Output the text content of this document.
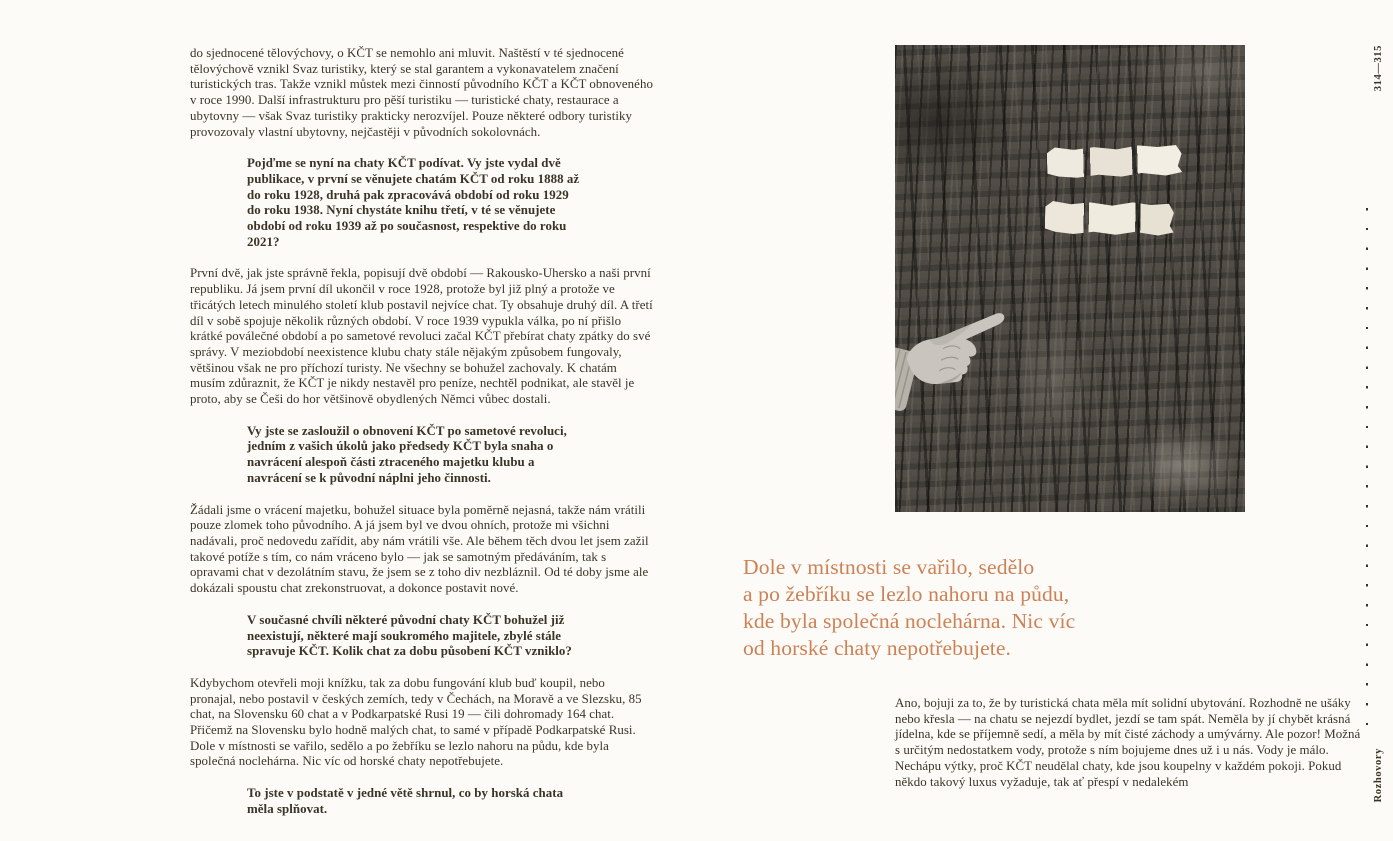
do sjednocené tělovýchovy, o KČT se nemohlo ani mluvit. Naštěstí v té sjednocené tělovýchově vznikl Svaz turistiky, který se stal garantem a vykonavatelem značení turistických tras. Takže vznikl můstek mezi činností původního KČT a KČT obnoveného v roce 1990. Další infrastrukturu pro pěší turistiku — turistické chaty, restaurace a ubytovny — však Svaz turistiky prakticky nerozvíjel. Pouze některé odbory turistiky provozovaly vlastní ubytovny, nejčastěji v původních sokolovnách.

Pojďme se nyní na chaty KČT podívat. Vy jste vydal dvě publikace, v první se věnujete chatám KČT od roku 1888 až do roku 1928, druhá pak zpracovává období od roku 1929 do roku 1938. Nyní chystáte knihu třetí, v té se věnujete období od roku 1939 až po současnost, respektive do roku 2021?

První dvě, jak jste správně řekla, popisují dvě období — Rakousko-Uhersko a naši první republiku. Já jsem první díl ukončil v roce 1928, protože byl již plný a protože ve třicátých letech minulého století klub postavil nejvíce chat. Ty obsahuje druhý díl. A třetí díl v sobě spojuje několik různých období. V roce 1939 vypukla válka, po ní přišlo krátké poválečné období a po sametové revoluci začal KČT přebírat chaty zpátky do své správy. V meziobdobí neexistence klubu chaty stále nějakým způsobem fungovaly, většinou však ne pro příchozí turisty. Ne všechny se bohužel zachovaly. K chatám musím zdůraznit, že KČT je nikdy nestavěl pro peníze, nechtěl podnikat, ale stavěl je proto, aby se Češi do hor většinově obydlených Němci vůbec dostali.

Vy jste se zasloužil o obnovení KČT po sametové revoluci, jedním z vašich úkolů jako předsedy KČT byla snaha o navrácení alespoň části ztraceného majetku klubu a navrácení se k původní náplni jeho činnosti.

Žádali jsme o vrácení majetku, bohužel situace byla poměrně nejasná, takže nám vrátili pouze zlomek toho původního. A já jsem byl ve dvou ohních, protože mi všichni nadávali, proč nedovedu zařídit, aby nám vrátili vše. Ale během těch dvou let jsem zažil takové potíže s tím, co nám vráceno bylo — jak se samotným předáváním, tak s opravami chat v dezolátním stavu, že jsem se z toho div nezbláznil. Od té doby jsme ale dokázali spoustu chat zrekonstruovat, a dokonce postavit nové.

V současné chvíli některé původní chaty KČT bohužel již neexistují, některé mají soukromého majitele, zbylé stále spravuje KČT. Kolik chat za dobu působení KČT vzniklo?

Kdybychom otevřeli moji knížku, tak za dobu fungování klub buď koupil, nebo pronajal, nebo postavil v českých zemích, tedy v Čechách, na Moravě a ve Slezsku, 85 chat, na Slovensku 60 chat a v Podkarpatské Rusi 19 — čili dohromady 164 chat. Přičemž na Slovensku bylo hodně malých chat, to samé v případě Podkarpatské Rusi. Dole v místnosti se vařilo, sedělo a po žebříku se lezlo nahoru na půdu, kde byla společná noclehárna. Nic víc od horské chaty nepotřebujete.

To jste v podstatě v jedné větě shrnul, co by horská chata měla splňovat.

Dole v místnosti se vařilo, sedělo
a po žebříku se lezlo nahoru na půdu,
kde byla společná noclehárna. Nic víc
od horské chaty nepotřebujete.

Ano, bojuji za to, že by turistická chata měla mít solidní ubytování. Rozhodně ne ušáky nebo křesla — na chatu se nejezdí bydlet, jezdí se tam spát. Neměla by jí chybět krásná jídelna, kde se příjemně sedí, a měla by mít čisté záchody a umývárny. Ale pozor! Možná s určitým nedostatkem vody, protože s ním bojujeme dnes už i u nás. Vody je málo. Nechápu výtky, proč KČT neudělal chaty, kde jsou koupelny v každém pokoji. Pokud někdo takový luxus vyžaduje, tak ať přespí v nedalekém

314—315
Rozhovory
